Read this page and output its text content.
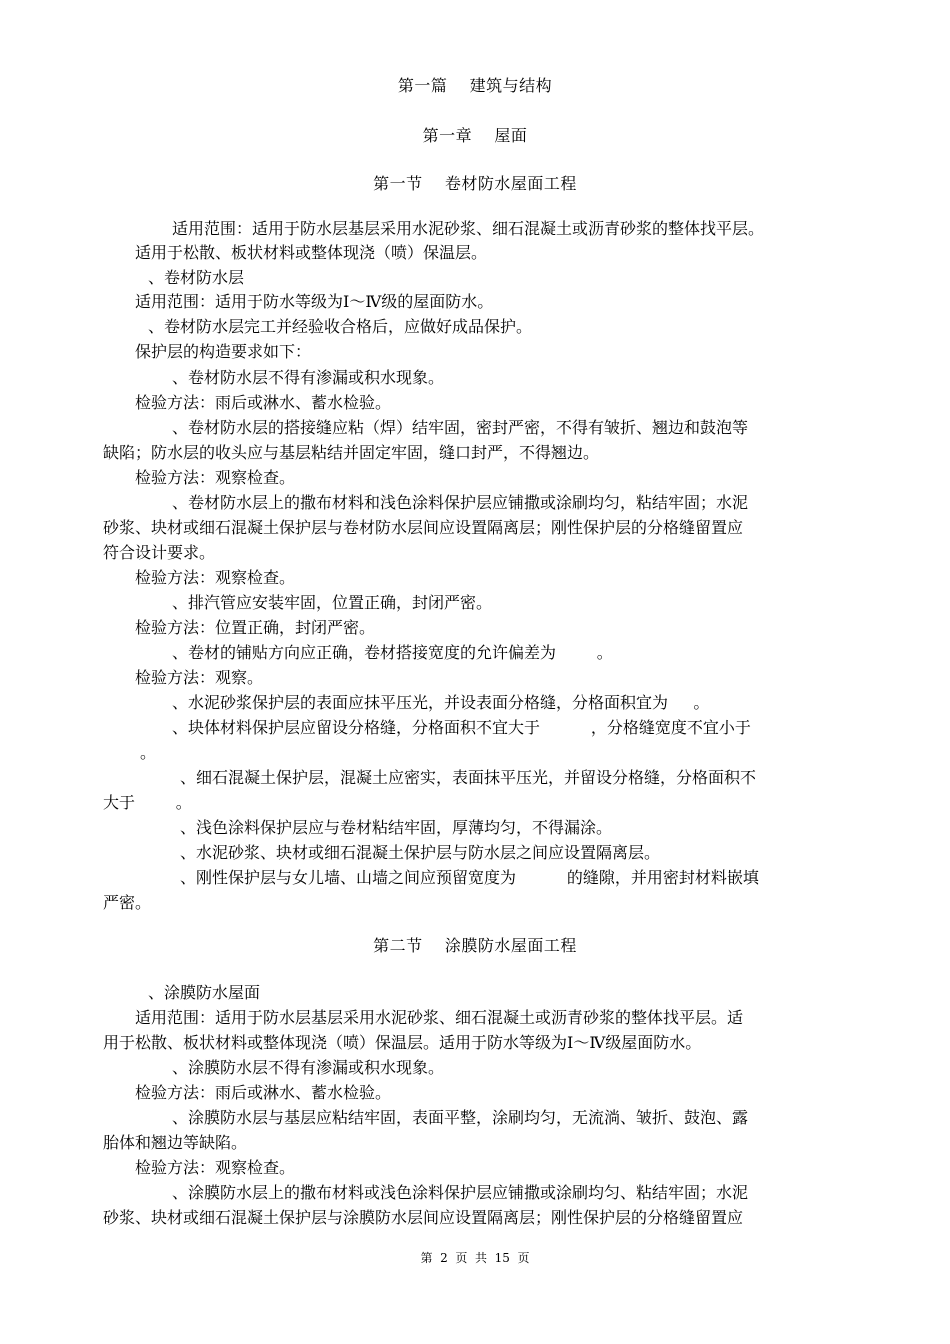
第一篇    建筑与结构
第一章    屋面
第一节    卷材防水屋面工程
适用范围：适用于防水层基层采用水泥砂浆、细石混凝土或沥青砂浆的整体找平层。
适用于松散、板状材料或整体现浇（喷）保温层。
、卷材防水层
适用范围：适用于防水等级为Ⅰ～Ⅳ级的屋面防水。
、卷材防水层完工并经验收合格后，应做好成品保护。
保护层的构造要求如下：
、卷材防水层不得有渗漏或积水现象。
检验方法：雨后或淋水、蓄水检验。
、卷材防水层的搭接缝应粘（焊）结牢固，密封严密，不得有皱折、翘边和鼓泡等
缺陷；防水层的收头应与基层粘结并固定牢固，缝口封严，不得翘边。
检验方法：观察检查。
、卷材防水层上的撒布材料和浅色涂料保护层应铺撒或涂刷均匀，粘结牢固；水泥
砂浆、块材或细石混凝土保护层与卷材防水层间应设置隔离层；刚性保护层的分格缝留置应
符合设计要求。
检验方法：观察检查。
、排汽管应安装牢固，位置正确，封闭严密。
检验方法：位置正确，封闭严密。
、卷材的铺贴方向应正确，卷材搭接宽度的允许偏差为        。
检验方法：观察。
、水泥砂浆保护层的表面应抹平压光，并设表面分格缝，分格面积宜为     。
、块体材料保护层应留设分格缝，分格面积不宜大于          ，分格缝宽度不宜小于
。
、细石混凝土保护层，混凝土应密实，表面抹平压光，并留设分格缝，分格面积不
大于        。
、浅色涂料保护层应与卷材粘结牢固，厚薄均匀，不得漏涂。
、水泥砂浆、块材或细石混凝土保护层与防水层之间应设置隔离层。
、刚性保护层与女儿墙、山墙之间应预留宽度为          的缝隙，并用密封材料嵌填
严密。
第二节    涂膜防水屋面工程
、涂膜防水屋面
适用范围：适用于防水层基层采用水泥砂浆、细石混凝土或沥青砂浆的整体找平层。适
用于松散、板状材料或整体现浇（喷）保温层。适用于防水等级为Ⅰ～Ⅳ级屋面防水。
、涂膜防水层不得有渗漏或积水现象。
检验方法：雨后或淋水、蓄水检验。
、涂膜防水层与基层应粘结牢固，表面平整，涂刷均匀，无流淌、皱折、鼓泡、露
胎体和翘边等缺陷。
检验方法：观察检查。
、涂膜防水层上的撒布材料或浅色涂料保护层应铺撒或涂刷均匀、粘结牢固；水泥
砂浆、块材或细石混凝土保护层与涂膜防水层间应设置隔离层；刚性保护层的分格缝留置应
第  2  页  共  15  页
